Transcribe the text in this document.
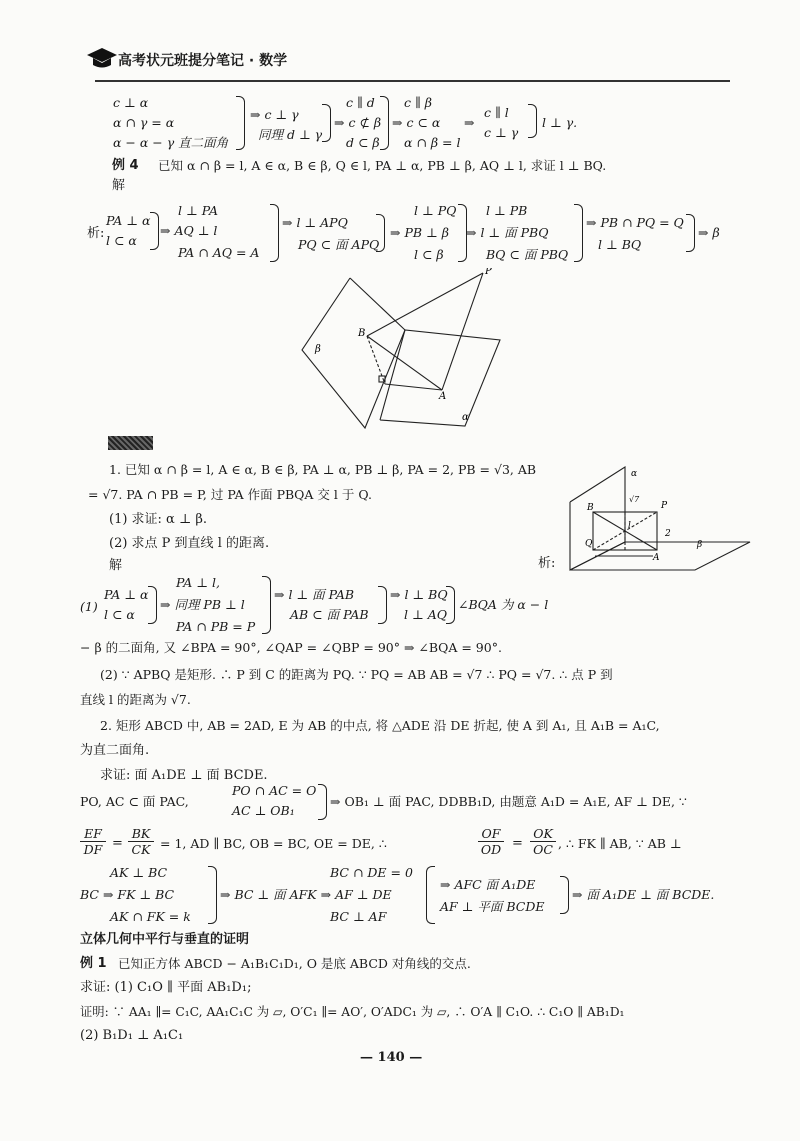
高考状元班提分笔记 · 数学
c ⊥ α
α ∩ γ = α
α − α − γ 直二面角
⇒ c ⊥ γ
同理 d ⊥ γ
c ∥ d
⇒ c ⊄ β
d ⊂ β
c ∥ β
⇒ c ⊂ α
α ∩ β = l
⇒
c ∥ l
c ⊥ γ
l ⊥ γ.
例 4 已知 α ∩ β = l, A ∈ α, B ∈ β, Q ∈ l, PA ⊥ α, PB ⊥ β, AQ ⊥ l, 求证 l ⊥ BQ.
解
析:
PA ⊥ α
l ⊂ α
l ⊥ PA
⇒ AQ ⊥ l
PA ∩ AQ = A
⇒ l ⊥ APQ
PQ ⊂ 面 APQ
l ⊥ PQ
⇒ PB ⊥ β
l ⊂ β
l ⊥ PB
⇒ l ⊥ 面 PBQ
BQ ⊂ 面 PBQ
⇒ PB ∩ PQ = Q
l ⊥ BQ
⇒ β
P
B
A
β
α
1. 已知 α ∩ β = l, A ∈ α, B ∈ β, PA ⊥ α, PB ⊥ β, PA = 2, PB = √3, AB
= √7. PA ∩ PB = P, 过 PA 作面 PBQA 交 l 于 Q.
(1) 求证: α ⊥ β.
(2) 求点 P 到直线 l 的距离.
解	析:
α
B	P
√7
l
2
β
Q
A
(1)
PA ⊥ α
l ⊂ α
PA ⊥ l,
⇒ 同理 PB ⊥ l
PA ∩ PB = P
⇒ l ⊥ 面 PAB
AB ⊂ 面 PAB
⇒ l ⊥ BQ
l ⊥ AQ
∠BQA 为 α − l
− β 的二面角, 又 ∠BPA = 90°, ∠QAP = ∠QBP = 90° ⇒ ∠BQA = 90°.
(2) ∵ APBQ 是矩形. ∴ P 到 C 的距离为 PQ. ∵ PQ = AB AB = √7 ∴ PQ = √7. ∴ 点 P 到
直线 l 的距离为 √7.
2. 矩形 ABCD 中, AB = 2AD, E 为 AB 的中点, 将 △ADE 沿 DE 折起, 使 A 到 A₁, 且 A₁B = A₁C,
为直二面角.
求证: 面 A₁DE ⊥ 面 BCDE.
PO, AC ⊂ 面 PAC,
PO ∩ AC = O
AC ⊥ OB₁
⇒ OB₁ ⊥ 面 PAC, DDBB₁D, 由题意 A₁D = A₁E, AF ⊥ DE, ∵
$\frac{EF}{DF} = \frac{BK}{CK} = 1$, AD ∥ BC, OB = BC, OE = DE, ∴	$\frac{OF}{OD} = \frac{OK}{OC}$ , ∴ FK ∥ AB, ∵ AB ⊥
AK ⊥ BC
BC ⇒ FK ⊥ BC
AK ∩ FK = k
⇒ BC ⊥ 面 AFK ⇒ AF ⊥ DE
BC ∩ DE = 0
BC ⊥ AF
⇒ AFC 面 A₁DE
AF ⊥ 平面 BCDE
⇒ 面 A₁DE ⊥ 面 BCDE.
立体几何中平行与垂直的证明
例 1 已知正方体 ABCD − A₁B₁C₁D₁, O 是底 ABCD 对角线的交点.
求证: (1) C₁O ∥ 平面 AB₁D₁;
证明: ∵ AA₁ ∥= C₁C, AA₁C₁C 为 ▱, O′C₁ ∥= AO′, O′ADC₁ 为 ▱, ∴ O′A ∥ C₁O. ∴ C₁O ∥ AB₁D₁
(2) B₁D₁ ⊥ A₁C₁
— 140 —
